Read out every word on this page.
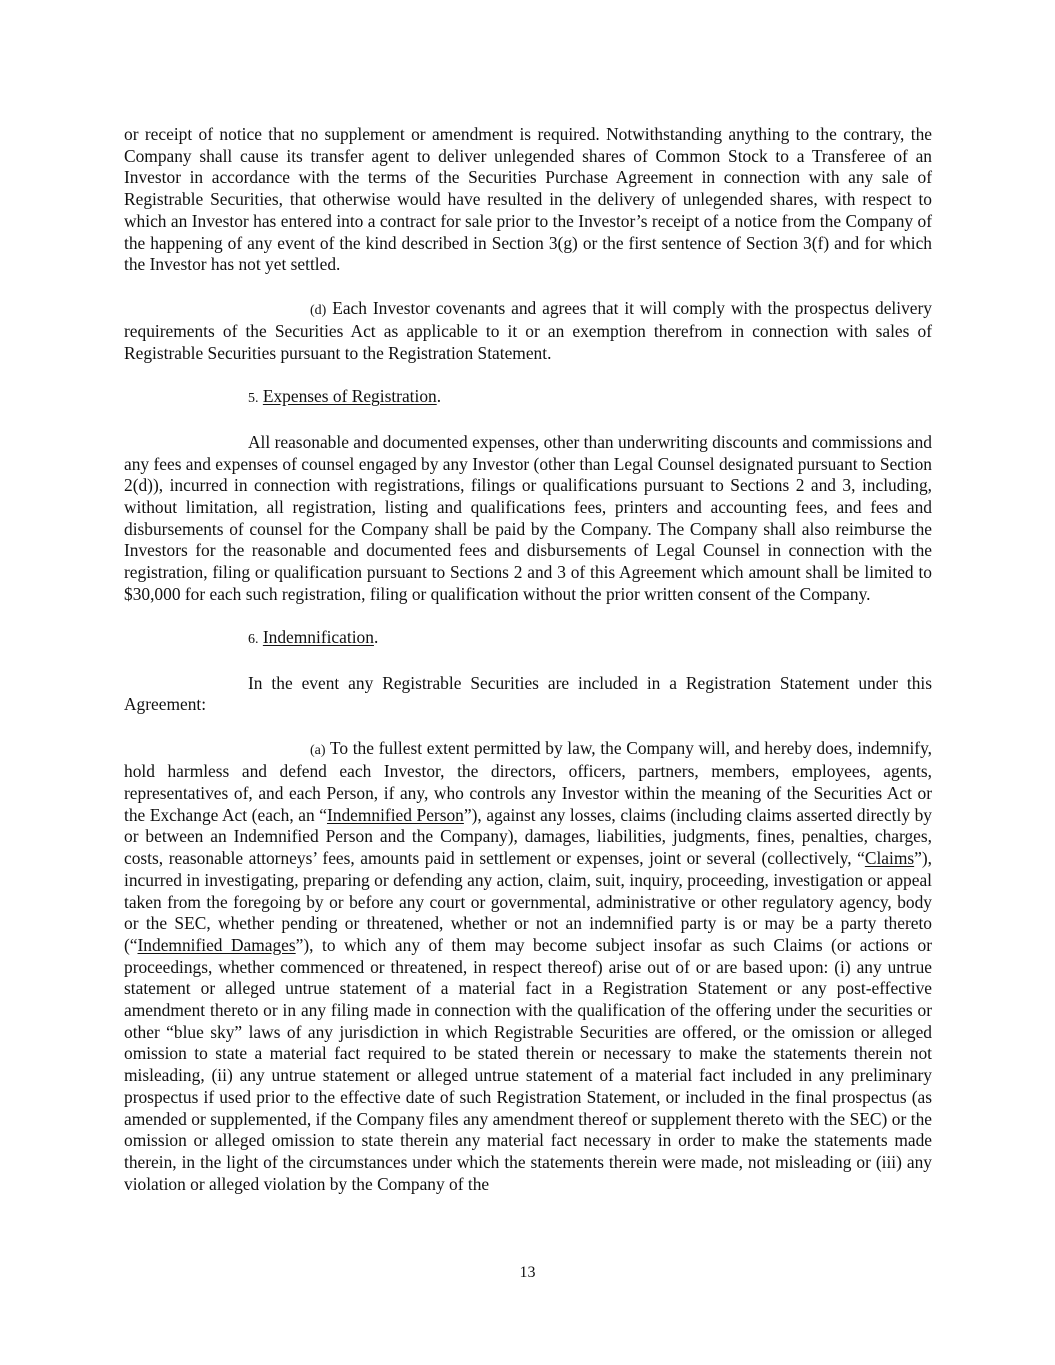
or receipt of notice that no supplement or amendment is required. Notwithstanding anything to the contrary, the Company shall cause its transfer agent to deliver unlegended shares of Common Stock to a Transferee of an Investor in accordance with the terms of the Securities Purchase Agreement in connection with any sale of Registrable Securities, that otherwise would have resulted in the delivery of unlegended shares, with respect to which an Investor has entered into a contract for sale prior to the Investor’s receipt of a notice from the Company of the happening of any event of the kind described in Section 3(g) or the first sentence of Section 3(f) and for which the Investor has not yet settled.

(d) Each Investor covenants and agrees that it will comply with the prospectus delivery requirements of the Securities Act as applicable to it or an exemption therefrom in connection with sales of Registrable Securities pursuant to the Registration Statement.

5. Expenses of Registration.

All reasonable and documented expenses, other than underwriting discounts and commissions and any fees and expenses of counsel engaged by any Investor (other than Legal Counsel designated pursuant to Section 2(d)), incurred in connection with registrations, filings or qualifications pursuant to Sections 2 and 3, including, without limitation, all registration, listing and qualifications fees, printers and accounting fees, and fees and disbursements of counsel for the Company shall be paid by the Company. The Company shall also reimburse the Investors for the reasonable and documented fees and disbursements of Legal Counsel in connection with the registration, filing or qualification pursuant to Sections 2 and 3 of this Agreement which amount shall be limited to $30,000 for each such registration, filing or qualification without the prior written consent of the Company.

6. Indemnification.

In the event any Registrable Securities are included in a Registration Statement under this Agreement:

(a) To the fullest extent permitted by law, the Company will, and hereby does, indemnify, hold harmless and defend each Investor, the directors, officers, partners, members, employees, agents, representatives of, and each Person, if any, who controls any Investor within the meaning of the Securities Act or the Exchange Act (each, an “Indemnified Person”), against any losses, claims (including claims asserted directly by or between an Indemnified Person and the Company), damages, liabilities, judgments, fines, penalties, charges, costs, reasonable attorneys’ fees, amounts paid in settlement or expenses, joint or several (collectively, “Claims”), incurred in investigating, preparing or defending any action, claim, suit, inquiry, proceeding, investigation or appeal taken from the foregoing by or before any court or governmental, administrative or other regulatory agency, body or the SEC, whether pending or threatened, whether or not an indemnified party is or may be a party thereto (“Indemnified Damages”), to which any of them may become subject insofar as such Claims (or actions or proceedings, whether commenced or threatened, in respect thereof) arise out of or are based upon: (i) any untrue statement or alleged untrue statement of a material fact in a Registration Statement or any post-effective amendment thereto or in any filing made in connection with the qualification of the offering under the securities or other “blue sky” laws of any jurisdiction in which Registrable Securities are offered, or the omission or alleged omission to state a material fact required to be stated therein or necessary to make the statements therein not misleading, (ii) any untrue statement or alleged untrue statement of a material fact included in any preliminary prospectus if used prior to the effective date of such Registration Statement, or included in the final prospectus (as amended or supplemented, if the Company files any amendment thereof or supplement thereto with the SEC) or the omission or alleged omission to state therein any material fact necessary in order to make the statements made therein, in the light of the circumstances under which the statements therein were made, not misleading or (iii) any violation or alleged violation by the Company of the

13
